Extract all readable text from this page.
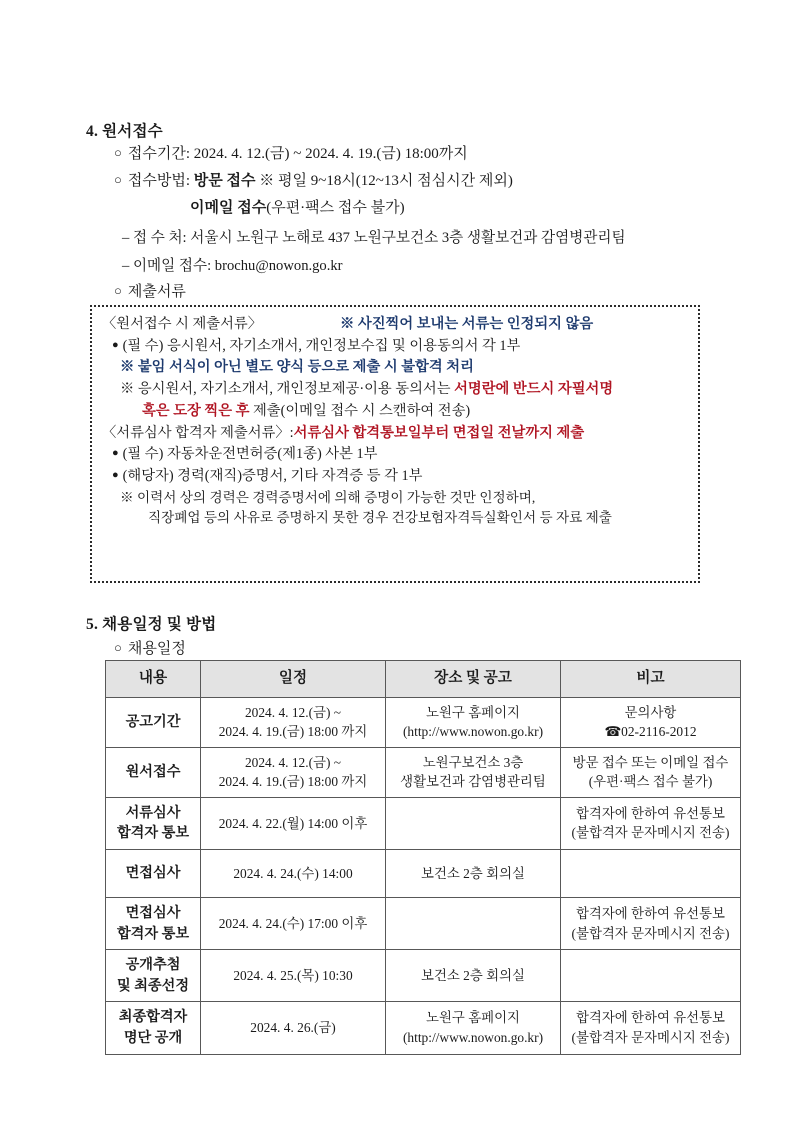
4. 원서접수
○ 접수기간: 2024. 4. 12.(금) ~ 2024. 4. 19.(금) 18:00까지
○ 접수방법: 방문 접수 ※ 평일 9~18시(12~13시 점심시간 제외)
이메일 접수(우편·팩스 접수 불가)
– 접 수 처: 서울시 노원구 노해로 437 노원구보건소 3층 생활보건과 감염병관리팀
– 이메일 접수: brochu@nowon.go.kr
○ 제출서류
〈원서접수 시 제출서류〉	※ 사진찍어 보내는 서류는 인정되지 않음
● (필 수) 응시원서, 자기소개서, 개인정보수집 및 이용동의서 각 1부
※ 붙임 서식이 아닌 별도 양식 등으로 제출 시 불합격 처리
※ 응시원서, 자기소개서, 개인정보제공·이용 동의서는 서명란에 반드시 자필서명
혹은 도장 찍은 후 제출(이메일 접수 시 스캔하여 전송)
〈서류심사 합격자 제출서류〉: 서류심사 합격통보일부터 면접일 전날까지 제출
● (필 수) 자동차운전면허증(제1종) 사본 1부
● (해당자) 경력(재직)증명서, 기타 자격증 등 각 1부
※ 이력서 상의 경력은 경력증명서에 의해 증명이 가능한 것만 인정하며,
직장폐업 등의 사유로 증명하지 못한 경우 건강보험자격득실확인서 등 자료 제출
5. 채용일정 및 방법
○ 채용일정
내용	일정	장소 및 공고	비고

공고기간	2024. 4. 12.(금) ~
2024. 4. 19.(금) 18:00 까지	노원구 홈페이지
(http://www.nowon.go.kr)	문의사항
☎02-2116-2012

원서접수	2024. 4. 12.(금) ~
2024. 4. 19.(금) 18:00 까지	노원구보건소 3층
생활보건과 감염병관리팀	방문 접수 또는 이메일 접수
(우편·팩스 접수 불가)

서류심사
합격자 통보	2024. 4. 22.(월) 14:00 이후		합격자에 한하여 유선통보
(불합격자 문자메시지 전송)

면접심사	2024. 4. 24.(수) 14:00	보건소 2층 회의실	

면접심사
합격자 통보	2024. 4. 24.(수) 17:00 이후		합격자에 한하여 유선통보
(불합격자 문자메시지 전송)

공개추첨
및 최종선정	2024. 4. 25.(목) 10:30	보건소 2층 회의실	

최종합격자
명단 공개	2024. 4. 26.(금)	노원구 홈페이지
(http://www.nowon.go.kr)	합격자에 한하여 유선통보
(불합격자 문자메시지 전송)
